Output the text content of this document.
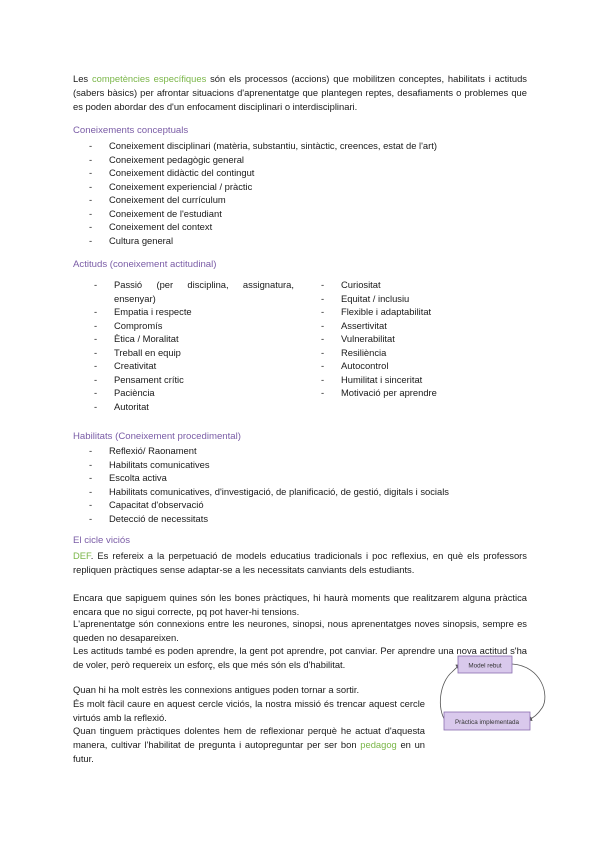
Les competències específiques són els processos (accions) que mobilitzen conceptes, habilitats i actituds (sabers bàsics) per afrontar situacions d'aprenentatge que plantegen reptes, desafiaments o problemes que es poden abordar des d'un enfocament disciplinari o interdisciplinari.
Coneixements conceptuals
- Coneixement disciplinari (matèria, substantiu, sintàctic, creences, estat de l'art)
- Coneixement pedagògic general
- Coneixement didàctic del contingut
- Coneixement experiencial / pràctic
- Coneixement del currículum
- Coneixement de l'estudiant
- Coneixement del context
- Cultura general
Actituds (coneixement actitudinal)
- Passió (per disciplina, assignatura, ensenyar)
- Empatia i respecte
- Compromís
- Ètica / Moralitat
- Treball en equip
- Creativitat
- Pensament crític
- Paciència
- Autoritat
- Curiositat
- Equitat / inclusiu
- Flexible i adaptabilitat
- Assertivitat
- Vulnerabilitat
- Resiliència
- Autocontrol
- Humilitat i sinceritat
- Motivació per aprendre
Habilitats (Coneixement procedimental)
- Reflexió/ Raonament
- Habilitats comunicatives
- Escolta activa
- Habilitats comunicatives, d'investigació, de planificació, de gestió, digitals i socials
- Capacitat d'observació
- Detecció de necessitats
El cicle viciós
DEF. Es refereix a la perpetuació de models educatius tradicionals i poc reflexius, en què els professors repliquen pràctiques sense adaptar-se a les necessitats canviants dels estudiants.
Encara que sapiguem quines són les bones pràctiques, hi haurà moments que realitzarem alguna pràctica encara que no sigui correcte, pq pot haver-hi tensions.
L'aprenentatge són connexions entre les neurones, sinopsi, nous aprenentatges noves sinopsis, sempre es queden no desapareixen.
Les actituds també es poden aprendre, la gent pot aprendre, pot canviar. Per aprendre una nova actitud s'ha de voler, però requereix un esforç, els que més són els d'habilitat.
Quan hi ha molt estrès les connexions antigues poden tornar a sortir.
És molt fàcil caure en aquest cercle viciós, la nostra missió és trencar aquest cercle virtuós amb la reflexió.
Quan tinguem pràctiques dolentes hem de reflexionar perquè he actuat d'aquesta manera, cultivar l'habilitat de pregunta i autopreguntar per ser bon pedagog en un futur.
Model rebut
Pràctica implementada
